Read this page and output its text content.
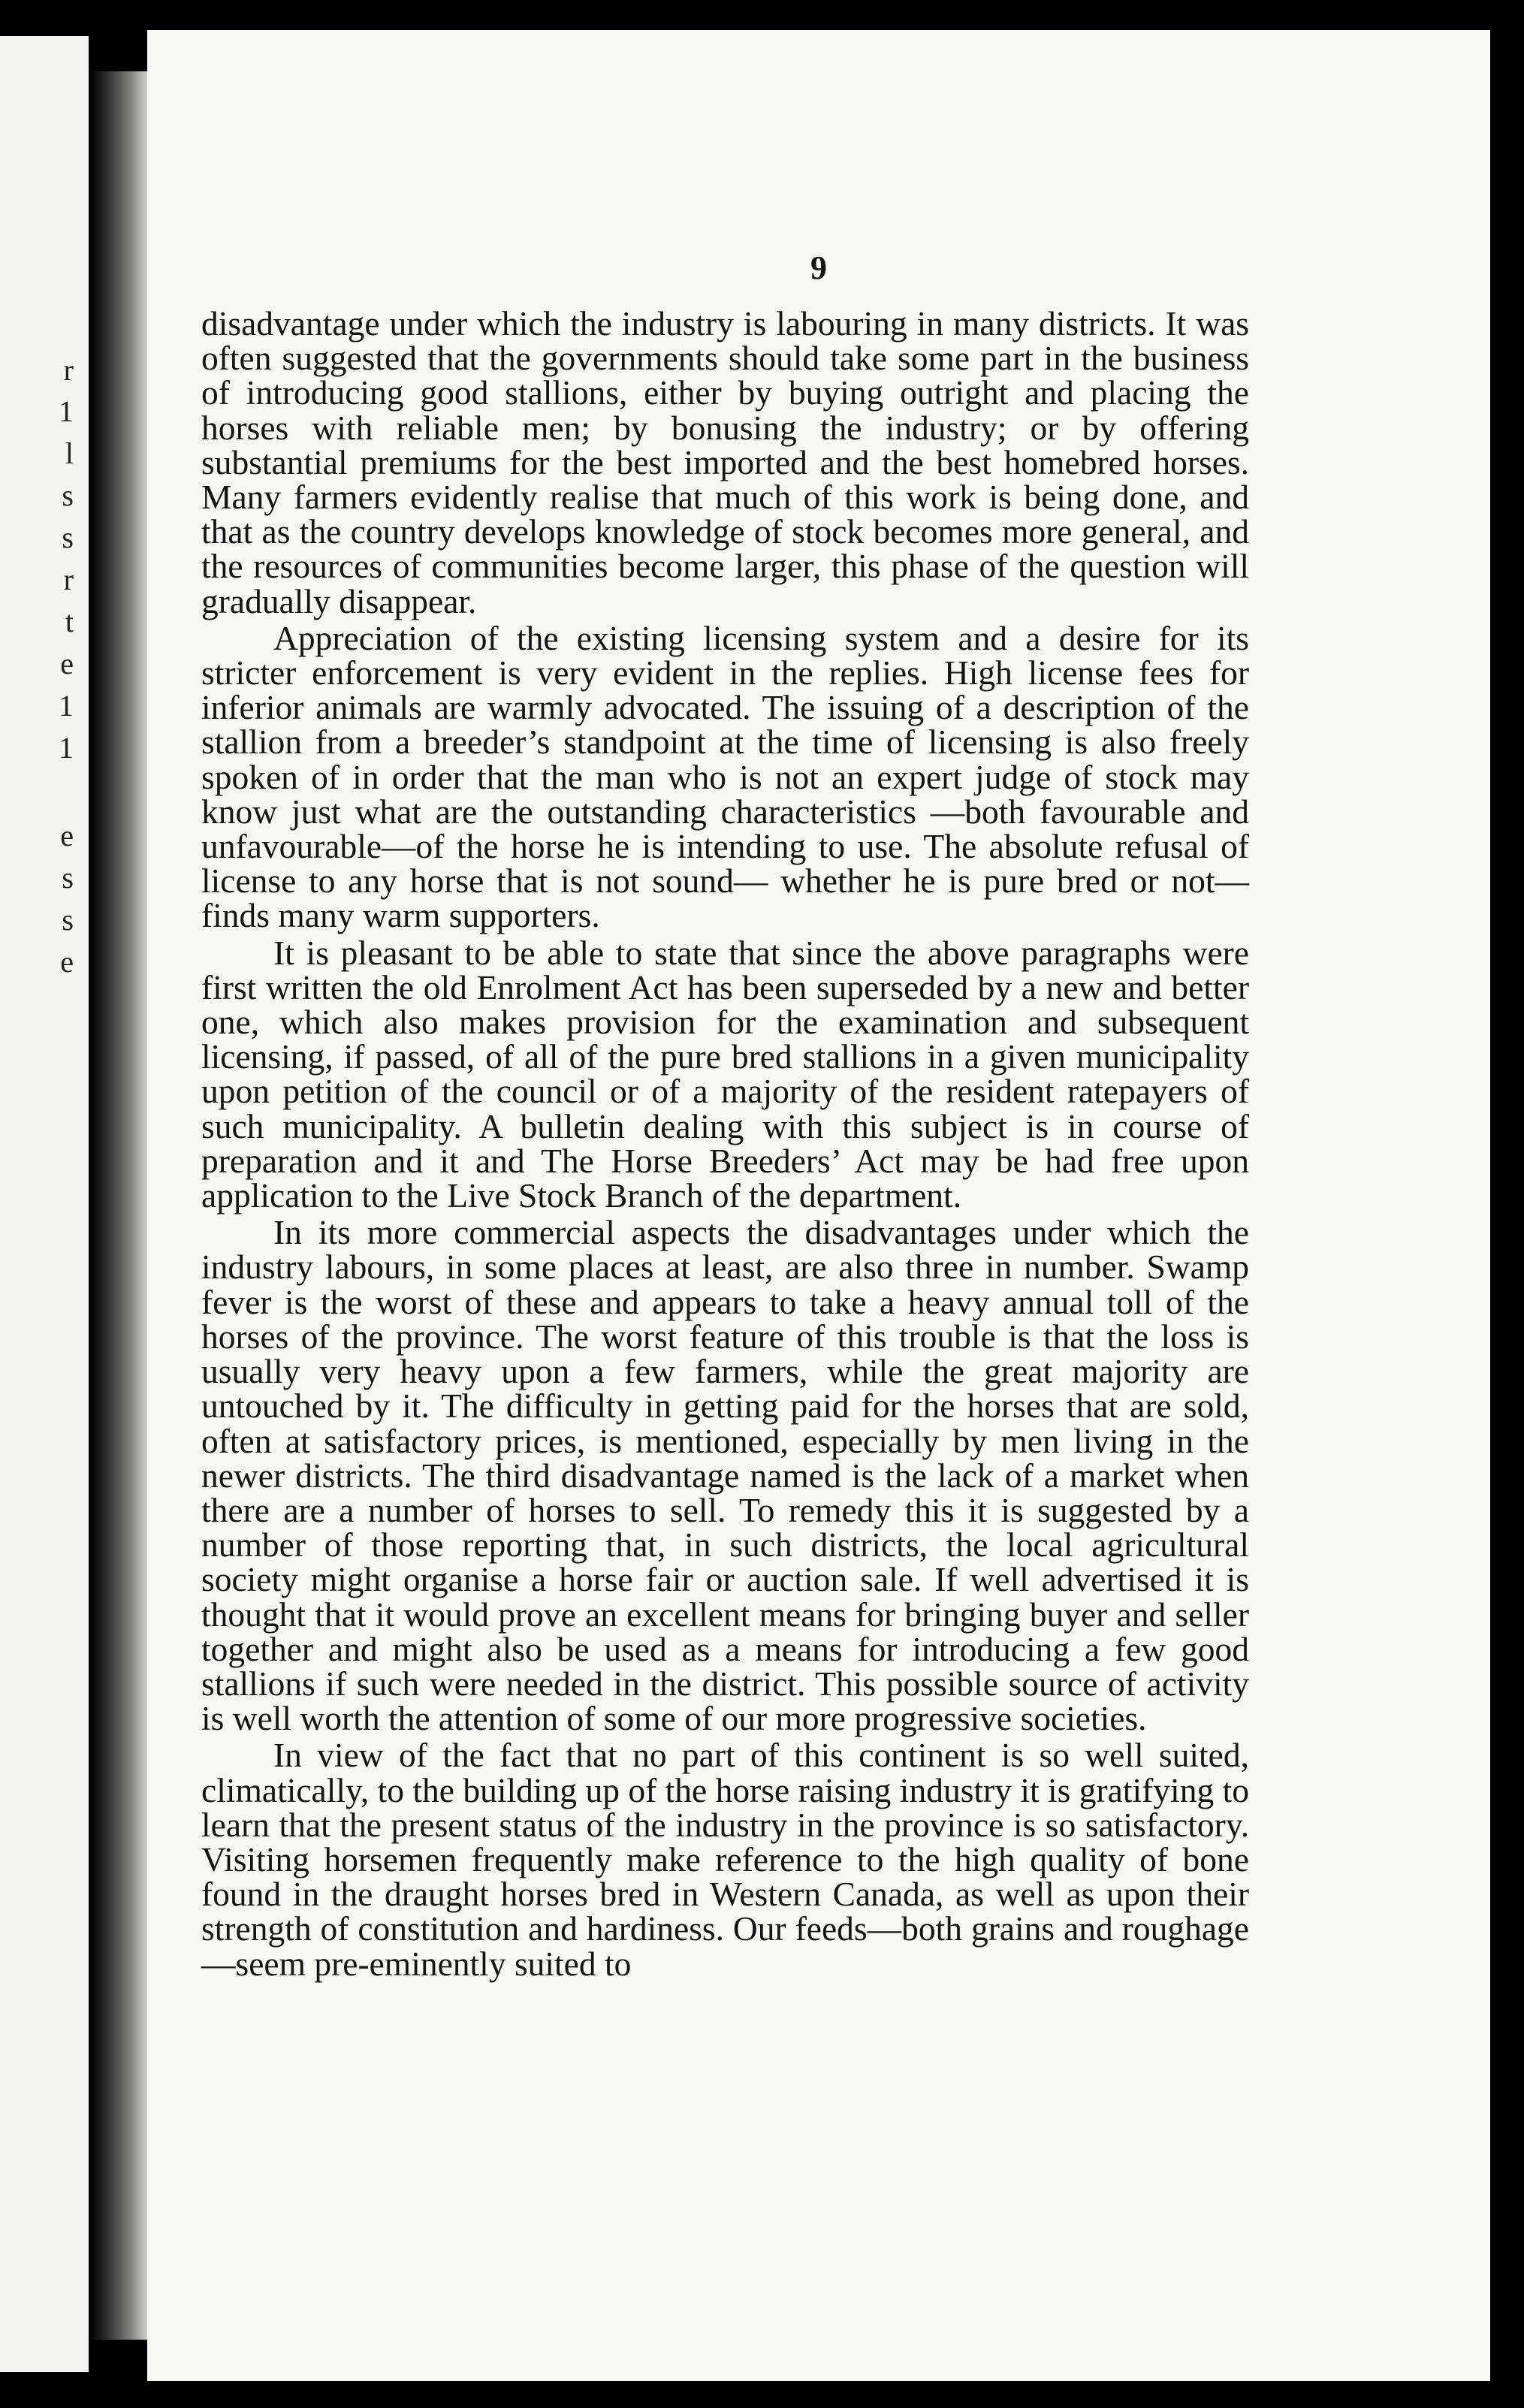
r
1
l
s
s
r
t
e
1
1
e
s
s
e
9

disadvantage under which the industry is labouring in many districts. It was often suggested that the governments should take some part in the business of introducing good stallions, either by buying outright and placing the horses with reliable men; by bonusing the industry; or by offering substantial premiums for the best imported and the best homebred horses. Many farmers evidently realise that much of this work is being done, and that as the country develops knowledge of stock becomes more general, and the resources of communities become larger, this phase of the question will gradually disappear.

Appreciation of the existing licensing system and a desire for its stricter enforcement is very evident in the replies. High license fees for inferior animals are warmly advocated. The issuing of a description of the stallion from a breeder’s standpoint at the time of licensing is also freely spoken of in order that the man who is not an expert judge of stock may know just what are the outstanding characteristics —both favourable and unfavourable—of the horse he is intending to use. The absolute refusal of license to any horse that is not sound— whether he is pure bred or not—finds many warm supporters.

It is pleasant to be able to state that since the above paragraphs were first written the old Enrolment Act has been superseded by a new and better one, which also makes provision for the examination and subsequent licensing, if passed, of all of the pure bred stallions in a given municipality upon petition of the council or of a majority of the resident ratepayers of such municipality. A bulletin dealing with this subject is in course of preparation and it and The Horse Breeders’ Act may be had free upon application to the Live Stock Branch of the department.

In its more commercial aspects the disadvantages under which the industry labours, in some places at least, are also three in number. Swamp fever is the worst of these and appears to take a heavy annual toll of the horses of the province. The worst feature of this trouble is that the loss is usually very heavy upon a few farmers, while the great majority are untouched by it. The difficulty in getting paid for the horses that are sold, often at satisfactory prices, is mentioned, especially by men living in the newer districts. The third disadvantage named is the lack of a market when there are a number of horses to sell. To remedy this it is suggested by a number of those reporting that, in such districts, the local agricultural society might organise a horse fair or auction sale. If well advertised it is thought that it would prove an excellent means for bringing buyer and seller together and might also be used as a means for introducing a few good stallions if such were needed in the district. This possible source of activity is well worth the attention of some of our more progressive societies.

In view of the fact that no part of this continent is so well suited, climatically, to the building up of the horse raising industry it is gratifying to learn that the present status of the industry in the province is so satisfactory. Visiting horsemen frequently make reference to the high quality of bone found in the draught horses bred in Western Canada, as well as upon their strength of constitution and hardiness. Our feeds—both grains and roughage—seem pre-eminently suited to
